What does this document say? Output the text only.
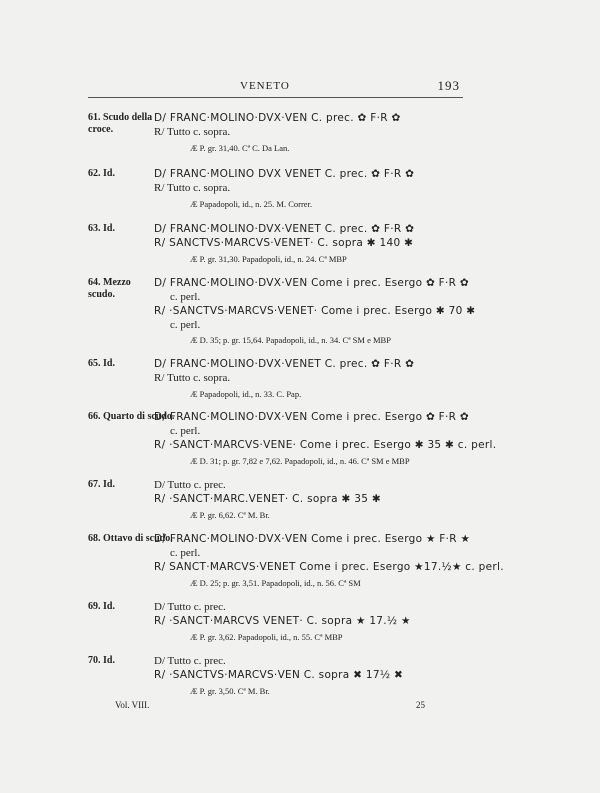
VENETO	193
61. Scudo della croce.
D/ FRANC·MOLINO·DVX·VEN C. prec. ✿ F·R ✿
R/ Tutto c. sopra.
Æ P. gr. 31,40. Cª C. Da Lan.
62. Id.	D/ FRANC·MOLINO DVX VENET C. prec. ✿ F·R ✿
R/ Tutto c. sopra.
Æ Papadopoli, id., n. 25. M. Correr.
63. Id.	D/ FRANC·MOLINO·DVX·VENET C. prec. ✿ F·R ✿
R/ SANCTVS·MARCVS·VENET· C. sopra ✱ 140 ✱
Æ P. gr. 31,30. Papadopoli, id., n. 24. Cª MBP
64. Mezzo scudo.
D/ FRANC·MOLINO·DVX·VEN Come i prec. Esergo ✿ F·R ✿
c. perl.
R/ ·SANCTVS·MARCVS·VENET· Come i prec. Esergo ✱ 70 ✱
c. perl.
Æ D. 35; p. gr. 15,64. Papadopoli, id., n. 34. Cª SM e MBP
65. Id.	D/ FRANC·MOLINO·DVX·VENET C. prec. ✿ F·R ✿
R/ Tutto c. sopra.
Æ Papadopoli, id., n. 33. C. Pap.
66. Quarto di scudo.
D/ FRANC·MOLINO·DVX·VEN Come i prec. Esergo ✿ F·R ✿
c. perl.
R/ ·SANCT·MARCVS·VENE· Come i prec. Esergo ✱ 35 ✱ c. perl.
Æ D. 31; p. gr. 7,82 e 7,62. Papadopoli, id., n. 46. Cª SM e MBP
67. Id.	D/ Tutto c. prec.
R/ ·SANCT·MARC.VENET· C. sopra ✱ 35 ✱
Æ P. gr. 6,62. Cª M. Br.
68. Ottavo di scudo.
D/ FRANC·MOLINO·DVX·VEN Come i prec. Esergo ★ F·R ★
c. perl.
R/ SANCT·MARCVS·VENET Come i prec. Esergo ★17.½★ c. perl.
Æ D. 25; p. gr. 3,51. Papadopoli, id., n. 56. Cª SM
69. Id.	D/ Tutto c. prec.
R/ ·SANCT·MARCVS VENET· C. sopra ★ 17.½ ★
Æ P. gr. 3,62. Papadopoli, id., n. 55. Cª MBP
70. Id.	D/ Tutto c. prec.
R/ ·SANCTVS·MARCVS·VEN C. sopra ✖ 17½ ✖
Æ P. gr. 3,50. Cª M. Br.
Vol. VIII.	25
